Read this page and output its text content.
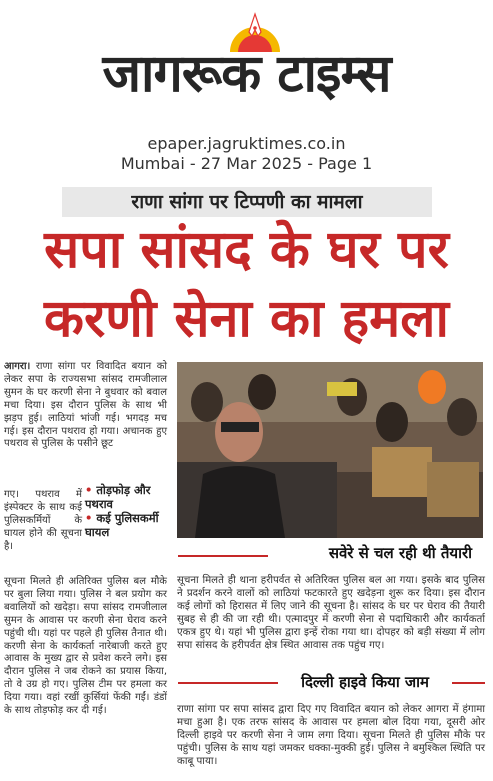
जागरूक टाइम्स
epaper.jagruktimes.co.in
Mumbai - 27 Mar 2025 - Page 1
राणा सांगा पर टिप्पणी का मामला
सपा सांसद के घर पर
करणी सेना का हमला
आगरा। राणा सांगा पर विवादित बयान को लेकर सपा के राज्यसभा सांसद रामजीलाल सुमन के घर करणी सेना ने बुधवार को बवाल मचा दिया। इस दौरान पुलिस के साथ भी झड़प हुई। लाठियां भांजी गई। भगदड़ मच गई। इस दौरान पथराव हो गया। अचानक हुए पथराव से पुलिस के पसीने छूट
गए। पथराव में इंस्पेक्टर के साथ कई पुलिसकर्मियों के घायल होने की सूचना है।
• तोड़फोड़ और पथराव
• कई पुलिसकर्मी घायल
सूचना मिलते ही अतिरिक्त पुलिस बल मौके पर बुला लिया गया। पुलिस ने बल प्रयोग कर बवालियों को खदेड़ा। सपा सांसद रामजीलाल सुमन के आवास पर करणी सेना घेराव करने पहुंची थी। यहां पर पहले ही पुलिस तैनात थी। करणी सेना के कार्यकर्ता नारेबाजी करते हुए आवास के मुख्य द्वार से प्रवेश करने लगे। इस दौरान पुलिस ने जब रोकने का प्रयास किया, तो वे उग्र हो गए। पुलिस टीम पर हमला कर दिया गया। वहां रखीं कुर्सियां फेंकी गईं। डंडों के साथ तोड़फोड़ कर दी गई।
सवेरे से चल रही थी तैयारी
सूचना मिलते ही थाना हरीपर्वत से अतिरिक्त पुलिस बल आ गया। इसके बाद पुलिस ने प्रदर्शन करने वालों को लाठियां फटकारते हुए खदेड़ना शुरू कर दिया। इस दौरान कई लोगों को हिरासत में लिए जाने की सूचना है। सांसद के घर पर घेराव की तैयारी सुबह से ही की जा रही थी। एत्मादपुर में करणी सेना से पदाधिकारी और कार्यकर्ता एकत्र हुए थे। यहां भी पुलिस द्वारा इन्हें रोका गया था। दोपहर को बड़ी संख्या में लोग सपा सांसद के हरीपर्वत क्षेत्र स्थित आवास तक पहुंच गए।
दिल्ली हाइवे किया जाम
राणा सांगा पर सपा सांसद द्वारा दिए गए विवादित बयान को लेकर आगरा में हंगामा मचा हुआ है। एक तरफ सांसद के आवास पर हमला बोल दिया गया, दूसरी ओर दिल्ली हाइवे पर करणी सेना ने जाम लगा दिया। सूचना मिलते ही पुलिस मौके पर पहुंची। पुलिस के साथ यहां जमकर धक्का-मुक्की हुई। पुलिस ने बमुश्किल स्थिति पर काबू पाया।
